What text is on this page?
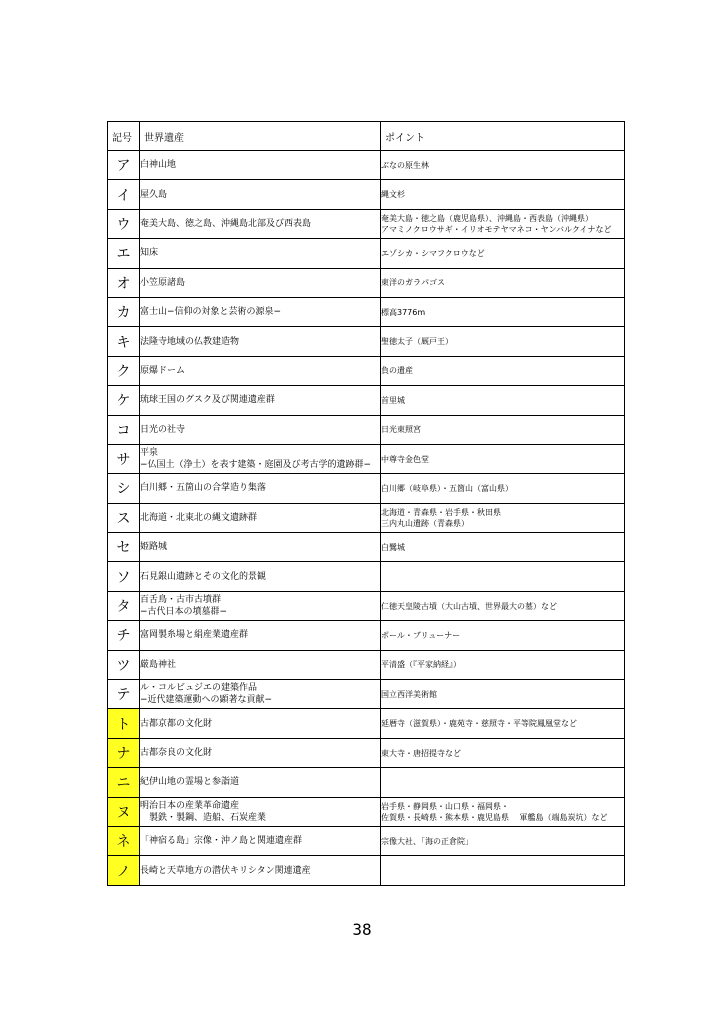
記号	世界遺産	ポイント
ア	白神山地	ぶなの原生林

イ	屋久島	縄文杉

ウ	奄美大島、徳之島、沖縄島北部及び西表島	奄美大島・徳之島（鹿児島県）、沖縄島・西表島（沖縄県）
アマミノクロウサギ・イリオモテヤマネコ・ヤンバルクイナなど

エ	知床	エゾシカ・シマフクロウなど

オ	小笠原諸島	東洋のガラパゴス

カ	富士山−信仰の対象と芸術の源泉−	標高3776m

キ	法隆寺地域の仏教建造物	聖徳太子（厩戸王）

ク	原爆ドーム	負の遺産

ケ	琉球王国のグスク及び関連遺産群	首里城

コ	日光の社寺	日光東照宮

サ	平泉
−仏国土（浄土）を表す建築・庭園及び考古学的遺跡群−	中尊寺金色堂

シ	白川郷・五箇山の合掌造り集落	白川郷（岐阜県）・五箇山（富山県）

ス	北海道・北東北の縄文遺跡群	北海道・青森県・岩手県・秋田県
三内丸山遺跡（青森県）

セ	姫路城	白鷺城

ソ	石見銀山遺跡とその文化的景観	

タ	百舌鳥・古市古墳群
−古代日本の墳墓群−	仁徳天皇陵古墳（大山古墳、世界最大の墓）など

チ	富岡製糸場と絹産業遺産群	ポール・ブリューナー

ツ	厳島神社	平清盛（『平家納経』）

テ	ル・コルビュジエの建築作品
−近代建築運動への顕著な貢献−	国立西洋美術館

ト	古都京都の文化財	延暦寺（滋賀県）・鹿苑寺・慈照寺・平等院鳳凰堂など

ナ	古都奈良の文化財	東大寺・唐招提寺など

ニ	紀伊山地の霊場と参詣道	

ヌ	明治日本の産業革命遺産
　製鉄・製鋼、造船、石炭産業	岩手県・静岡県・山口県・福岡県・
佐賀県・長崎県・熊本県・鹿児島県　 軍艦島（端島炭坑）など

ネ	「神宿る島」宗像・沖ノ島と関連遺産群	宗像大社、「海の正倉院」

ノ	長崎と天草地方の潜伏キリシタン関連遺産	

38
